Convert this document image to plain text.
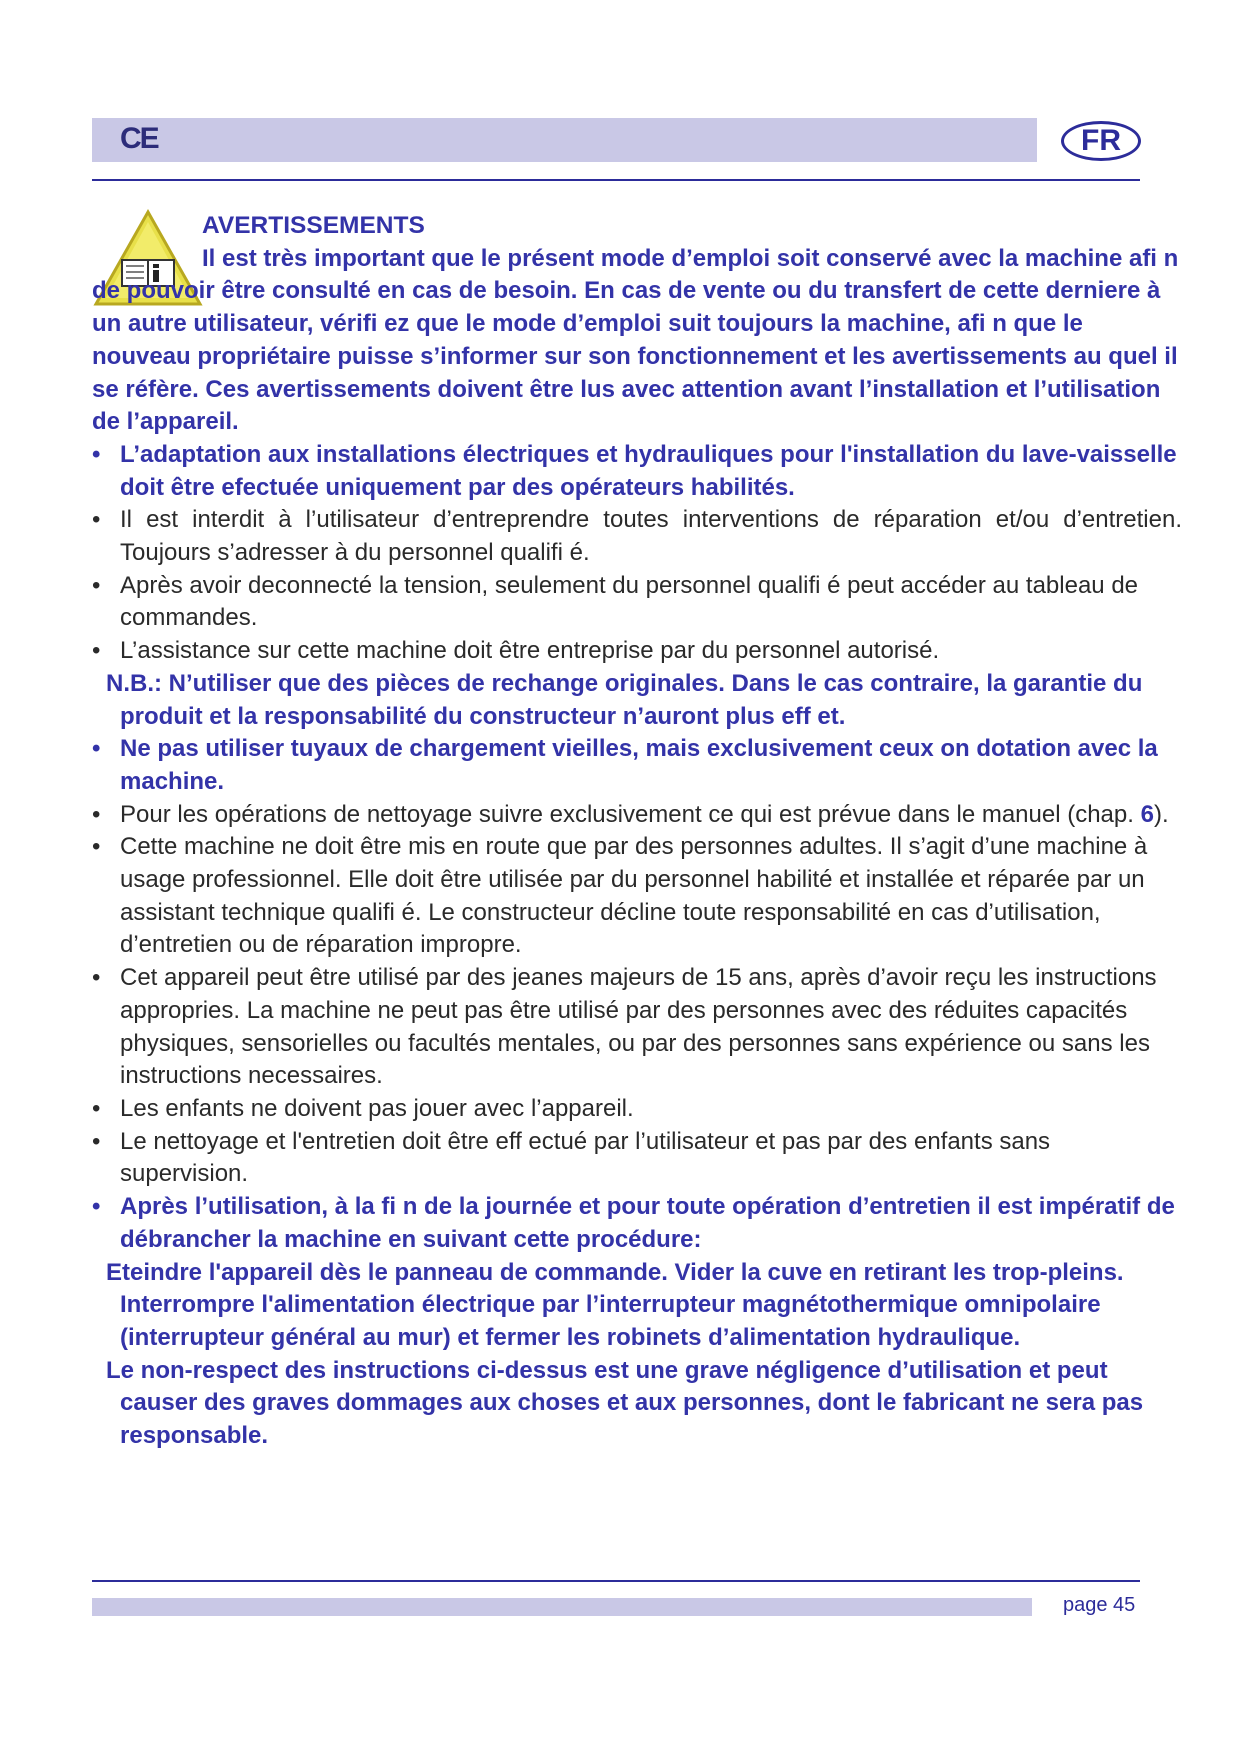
CE	FR

AVERTISSEMENTS

Il est très important que le présent mode d’emploi soit conservé avec la machine afi n de pouvoir être consulté en cas de besoin. En cas de vente ou du transfert de cette derniere à un autre utilisateur, vérifi ez que le mode d’emploi suit toujours la machine, afi n que le nouveau propriétaire puisse s’informer sur son fonctionnement et les avertissements au quel il se réfère. Ces avertissements doivent être lus avec attention avant l’installation et l’utilisation de l’appareil.

• L’adaptation aux installations électriques et hydrauliques pour l'installation du lave-vaisselle doit être efectuée uniquement par des opérateurs habilités.
• Il est interdit à l’utilisateur d’entreprendre toutes interventions de réparation et/ou d’entretien. Toujours s’adresser à du personnel qualifi é.
• Après avoir deconnecté la tension, seulement du personnel qualifi é peut accéder au tableau de commandes.
• L’assistance sur cette machine doit être entreprise par du personnel autorisé.

N.B.: N’utiliser que des pièces de rechange originales. Dans le cas contraire, la garantie du produit et la responsabilité du constructeur n’auront plus eff et.

• Ne pas utiliser tuyaux de chargement vieilles, mais exclusivement ceux on dotation avec la machine.
• Pour les opérations de nettoyage suivre exclusivement ce qui est prévue dans le manuel (chap. 6).
• Cette machine ne doit être mis en route que par des personnes adultes. Il s’agit d’une machine à usage professionnel. Elle doit être utilisée par du personnel habilité et installée et réparée par un assistant technique qualifi é. Le constructeur décline toute responsabilité en cas d’utilisation, d’entretien ou de réparation impropre.
• Cet appareil peut être utilisé par des jeanes majeurs de 15 ans, après d’avoir reçu les instructions appropries. La machine ne peut pas être utilisé par des personnes avec des réduites capacités physiques, sensorielles ou facultés mentales, ou par des personnes sans expérience ou sans les instructions necessaires.
• Les enfants ne doivent pas jouer avec l’appareil.
• Le nettoyage et l'entretien doit être eff ectué par l’utilisateur et pas par des enfants sans supervision.
• Après l’utilisation, à la fi n de la journée et pour toute opération d’entretien il est impératif de débrancher la machine en suivant cette procédure:

Eteindre l'appareil dès le panneau de commande. Vider la cuve en retirant les trop-pleins. Interrompre l'alimentation électrique par l’interrupteur magnétothermique omnipolaire (interrupteur général au mur) et fermer les robinets d’alimentation hydraulique.

Le non-respect des instructions ci-dessus est une grave négligence d’utilisation et peut causer des graves dommages aux choses et aux personnes, dont le fabricant ne sera pas responsable.

page 45
